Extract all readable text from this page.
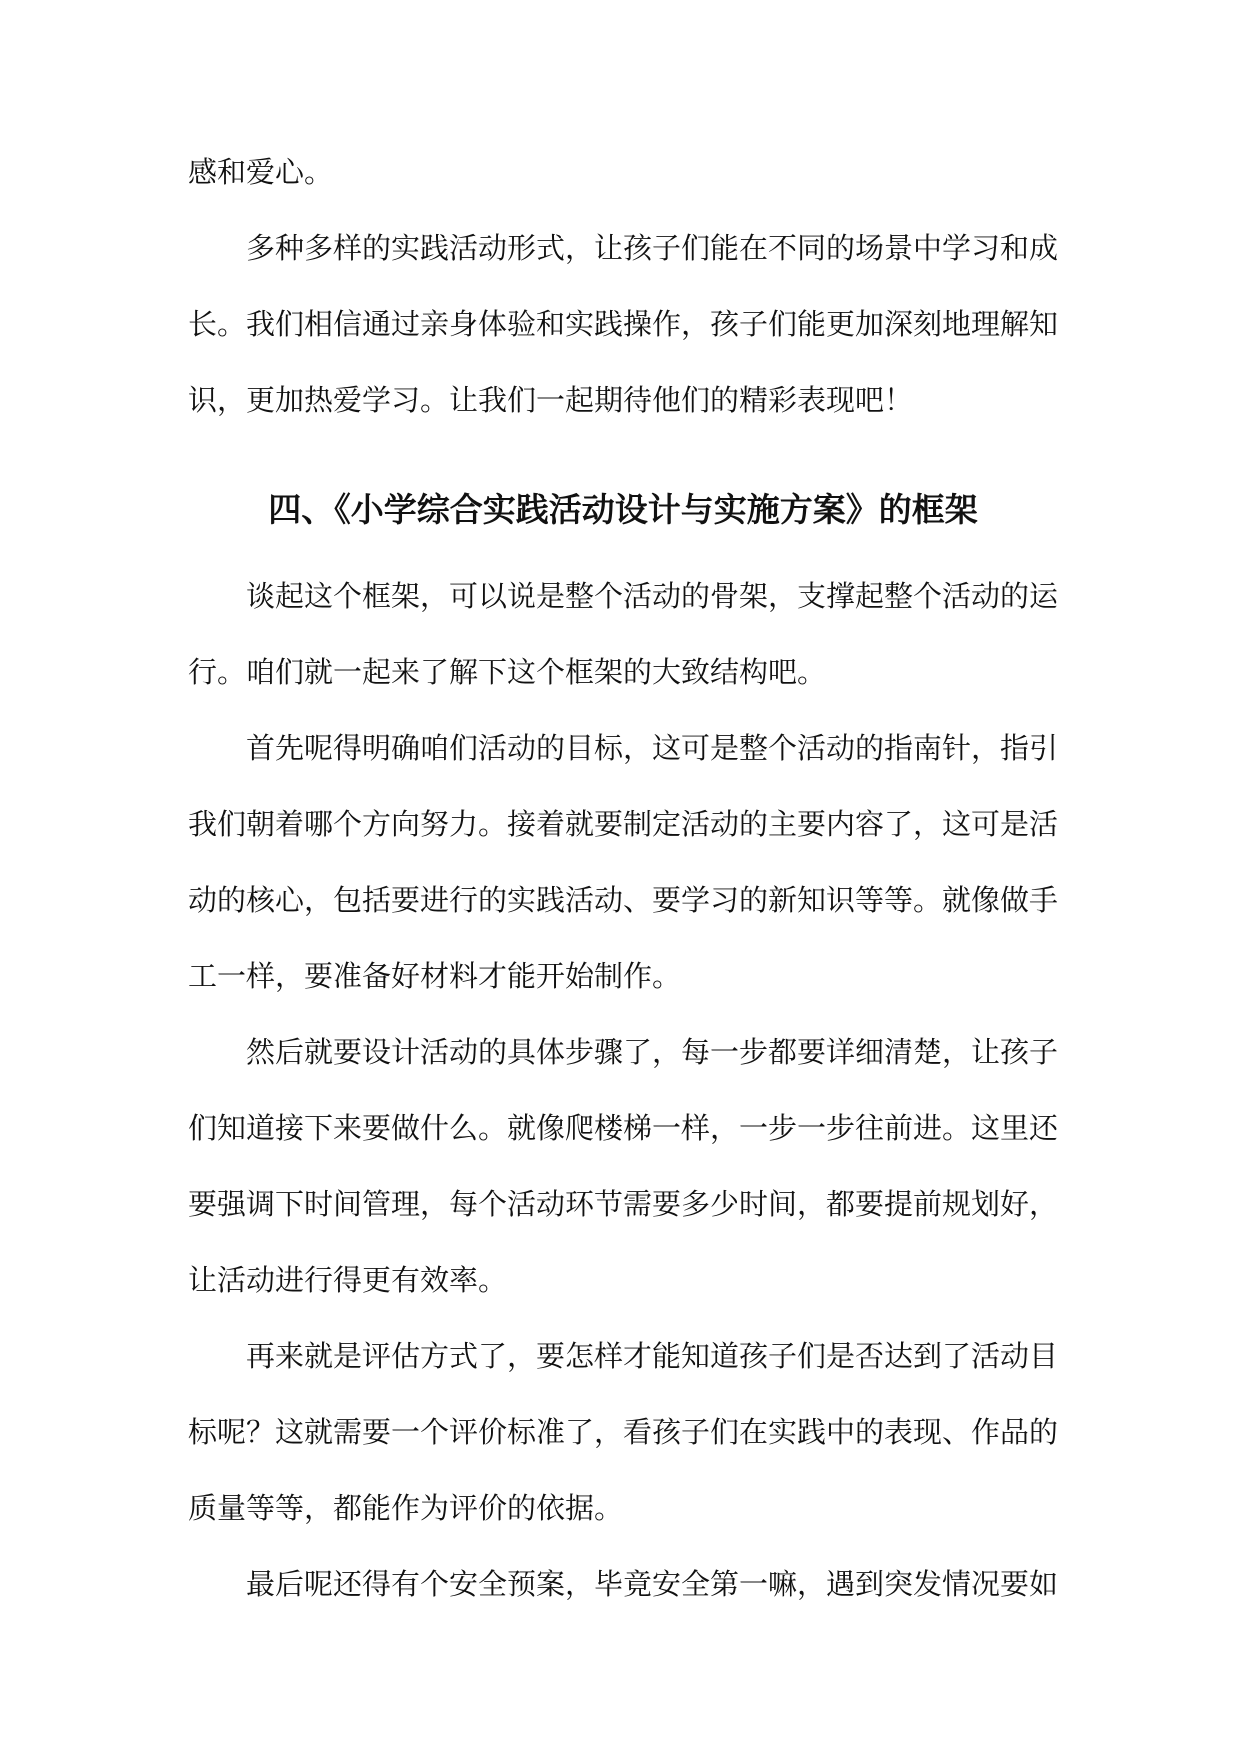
感和爱心。
多种多样的实践活动形式，让孩子们能在不同的场景中学习和成
长。我们相信通过亲身体验和实践操作，孩子们能更加深刻地理解知
识，更加热爱学习。让我们一起期待他们的精彩表现吧！
四、《小学综合实践活动设计与实施方案》的框架
谈起这个框架，可以说是整个活动的骨架，支撑起整个活动的运
行。咱们就一起来了解下这个框架的大致结构吧。
首先呢得明确咱们活动的目标，这可是整个活动的指南针，指引
我们朝着哪个方向努力。接着就要制定活动的主要内容了，这可是活
动的核心，包括要进行的实践活动、要学习的新知识等等。就像做手
工一样，要准备好材料才能开始制作。
然后就要设计活动的具体步骤了，每一步都要详细清楚，让孩子
们知道接下来要做什么。就像爬楼梯一样，一步一步往前进。这里还
要强调下时间管理，每个活动环节需要多少时间，都要提前规划好，
让活动进行得更有效率。
再来就是评估方式了，要怎样才能知道孩子们是否达到了活动目
标呢？这就需要一个评价标准了，看孩子们在实践中的表现、作品的
质量等等，都能作为评价的依据。
最后呢还得有个安全预案，毕竟安全第一嘛，遇到突发情况要如
